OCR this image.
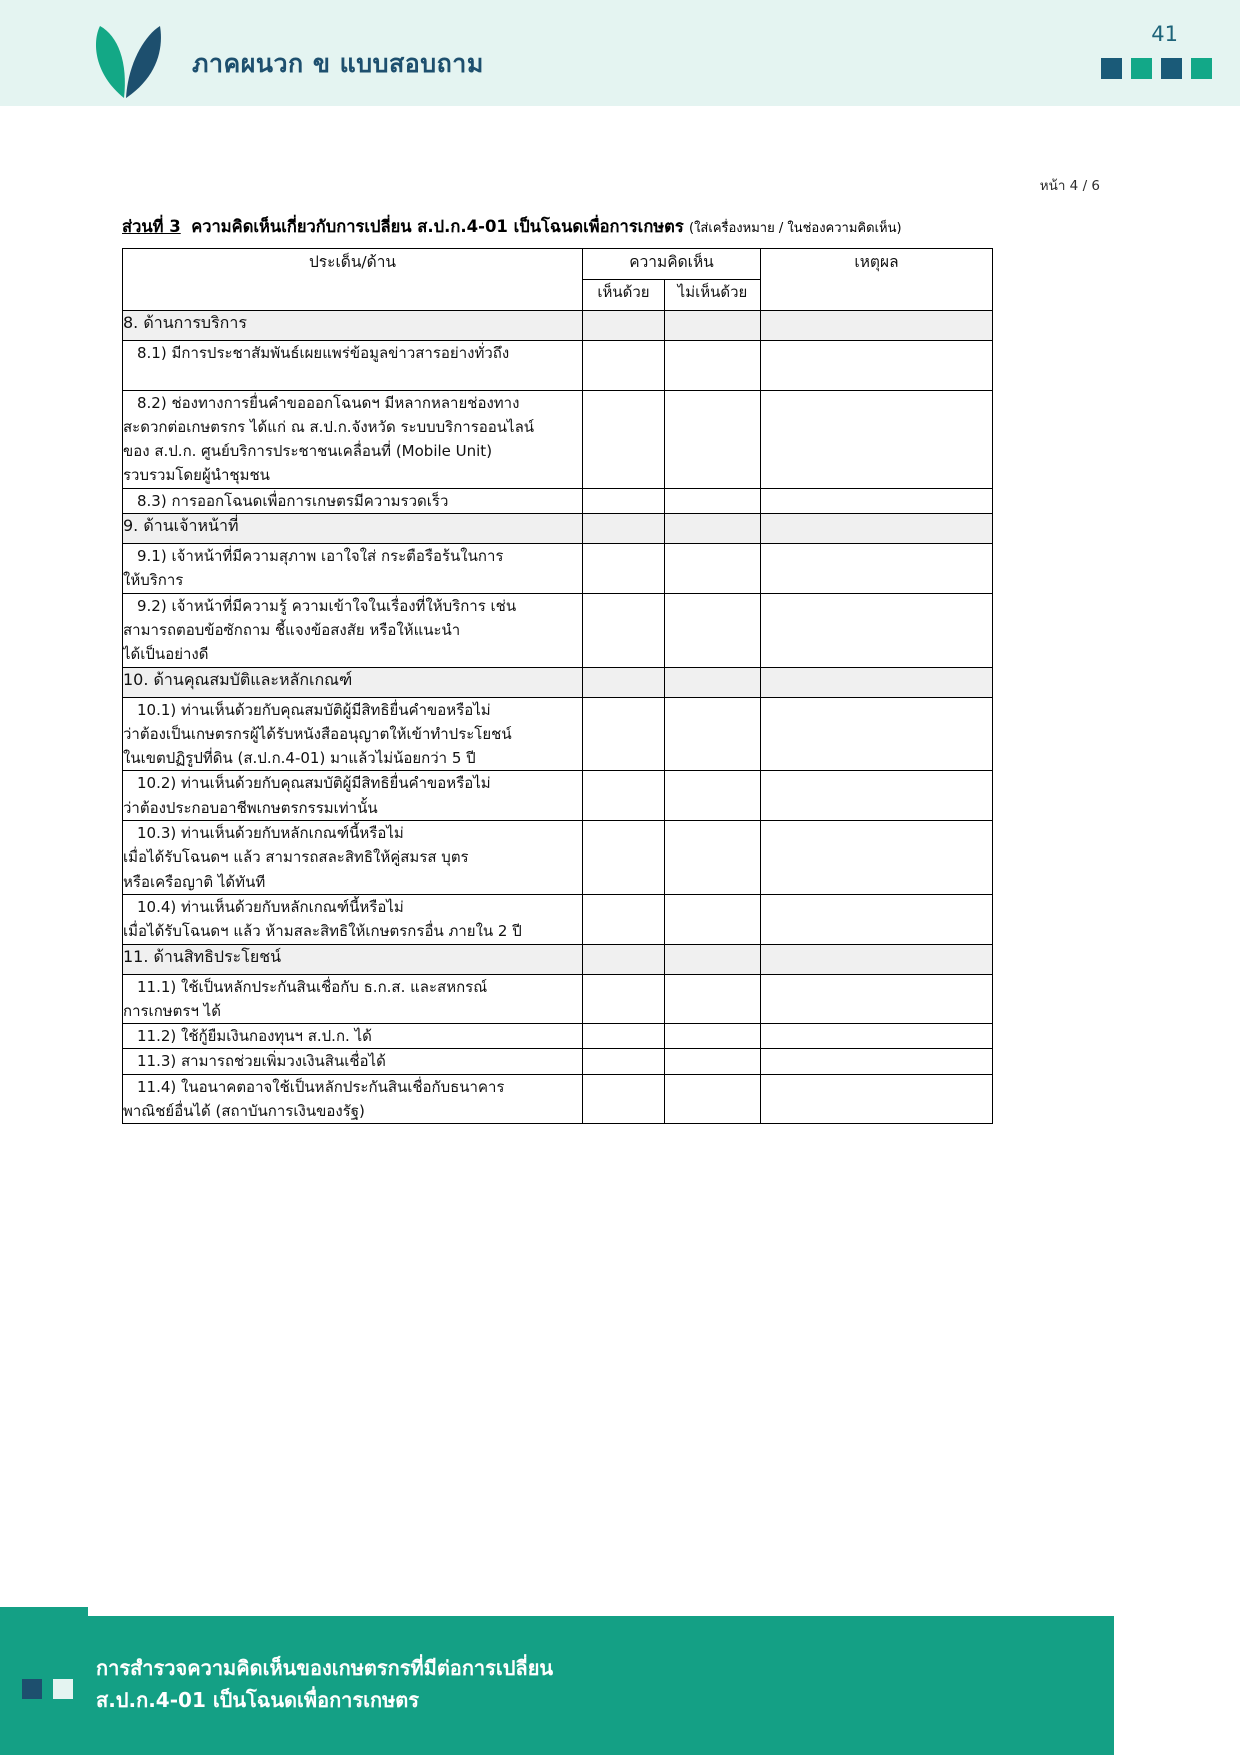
ภาคผนวก ข แบบสอบถาม
41
หน้า 4 / 6
ส่วนที่ 3 ความคิดเห็นเกี่ยวกับการเปลี่ยน ส.ป.ก.4-01 เป็นโฉนดเพื่อการเกษตร (ใส่เครื่องหมาย / ในช่องความคิดเห็น)
ประเด็น/ด้าน	ความคิดเห็น		เหตุผล
	เห็นด้วย	ไม่เห็นด้วย	
8. ด้านการบริการ			

8.1) มีการประชาสัมพันธ์เผยแพร่ข้อมูลข่าวสารอย่างทั่วถึง			

8.2) ช่องทางการยื่นคำขอออกโฉนดฯ มีหลากหลายช่องทาง
สะดวกต่อเกษตรกร ได้แก่ ณ ส.ป.ก.จังหวัด ระบบบริการออนไลน์
ของ ส.ป.ก. ศูนย์บริการประชาชนเคลื่อนที่ (Mobile Unit)
รวบรวมโดยผู้นำชุมชน			

8.3) การออกโฉนดเพื่อการเกษตรมีความรวดเร็ว			

9. ด้านเจ้าหน้าที่			

9.1) เจ้าหน้าที่มีความสุภาพ เอาใจใส่ กระตือรือร้นในการ
ให้บริการ			

9.2) เจ้าหน้าที่มีความรู้ ความเข้าใจในเรื่องที่ให้บริการ เช่น
สามารถตอบข้อซักถาม ชี้แจงข้อสงสัย หรือให้แนะนำ
ได้เป็นอย่างดี			

10. ด้านคุณสมบัติและหลักเกณฑ์			

10.1) ท่านเห็นด้วยกับคุณสมบัติผู้มีสิทธิยื่นคำขอหรือไม่
ว่าต้องเป็นเกษตรกรผู้ได้รับหนังสืออนุญาตให้เข้าทำประโยชน์
ในเขตปฏิรูปที่ดิน (ส.ป.ก.4-01) มาแล้วไม่น้อยกว่า 5 ปี			

10.2) ท่านเห็นด้วยกับคุณสมบัติผู้มีสิทธิยื่นคำขอหรือไม่
ว่าต้องประกอบอาชีพเกษตรกรรมเท่านั้น			

10.3) ท่านเห็นด้วยกับหลักเกณฑ์นี้หรือไม่
เมื่อได้รับโฉนดฯ แล้ว สามารถสละสิทธิให้คู่สมรส บุตร
หรือเครือญาติ ได้ทันที			

10.4) ท่านเห็นด้วยกับหลักเกณฑ์นี้หรือไม่
เมื่อได้รับโฉนดฯ แล้ว ห้ามสละสิทธิให้เกษตรกรอื่น ภายใน 2 ปี			

11. ด้านสิทธิประโยชน์			

11.1) ใช้เป็นหลักประกันสินเชื่อกับ ธ.ก.ส. และสหกรณ์
การเกษตรฯ ได้			

11.2) ใช้กู้ยืมเงินกองทุนฯ ส.ป.ก. ได้			

11.3) สามารถช่วยเพิ่มวงเงินสินเชื่อได้			

11.4) ในอนาคตอาจใช้เป็นหลักประกันสินเชื่อกับธนาคาร
พาณิชย์อื่นได้ (สถาบันการเงินของรัฐ)			

การสำรวจความคิดเห็นของเกษตรกรที่มีต่อการเปลี่ยน
ส.ป.ก.4-01 เป็นโฉนดเพื่อการเกษตร
